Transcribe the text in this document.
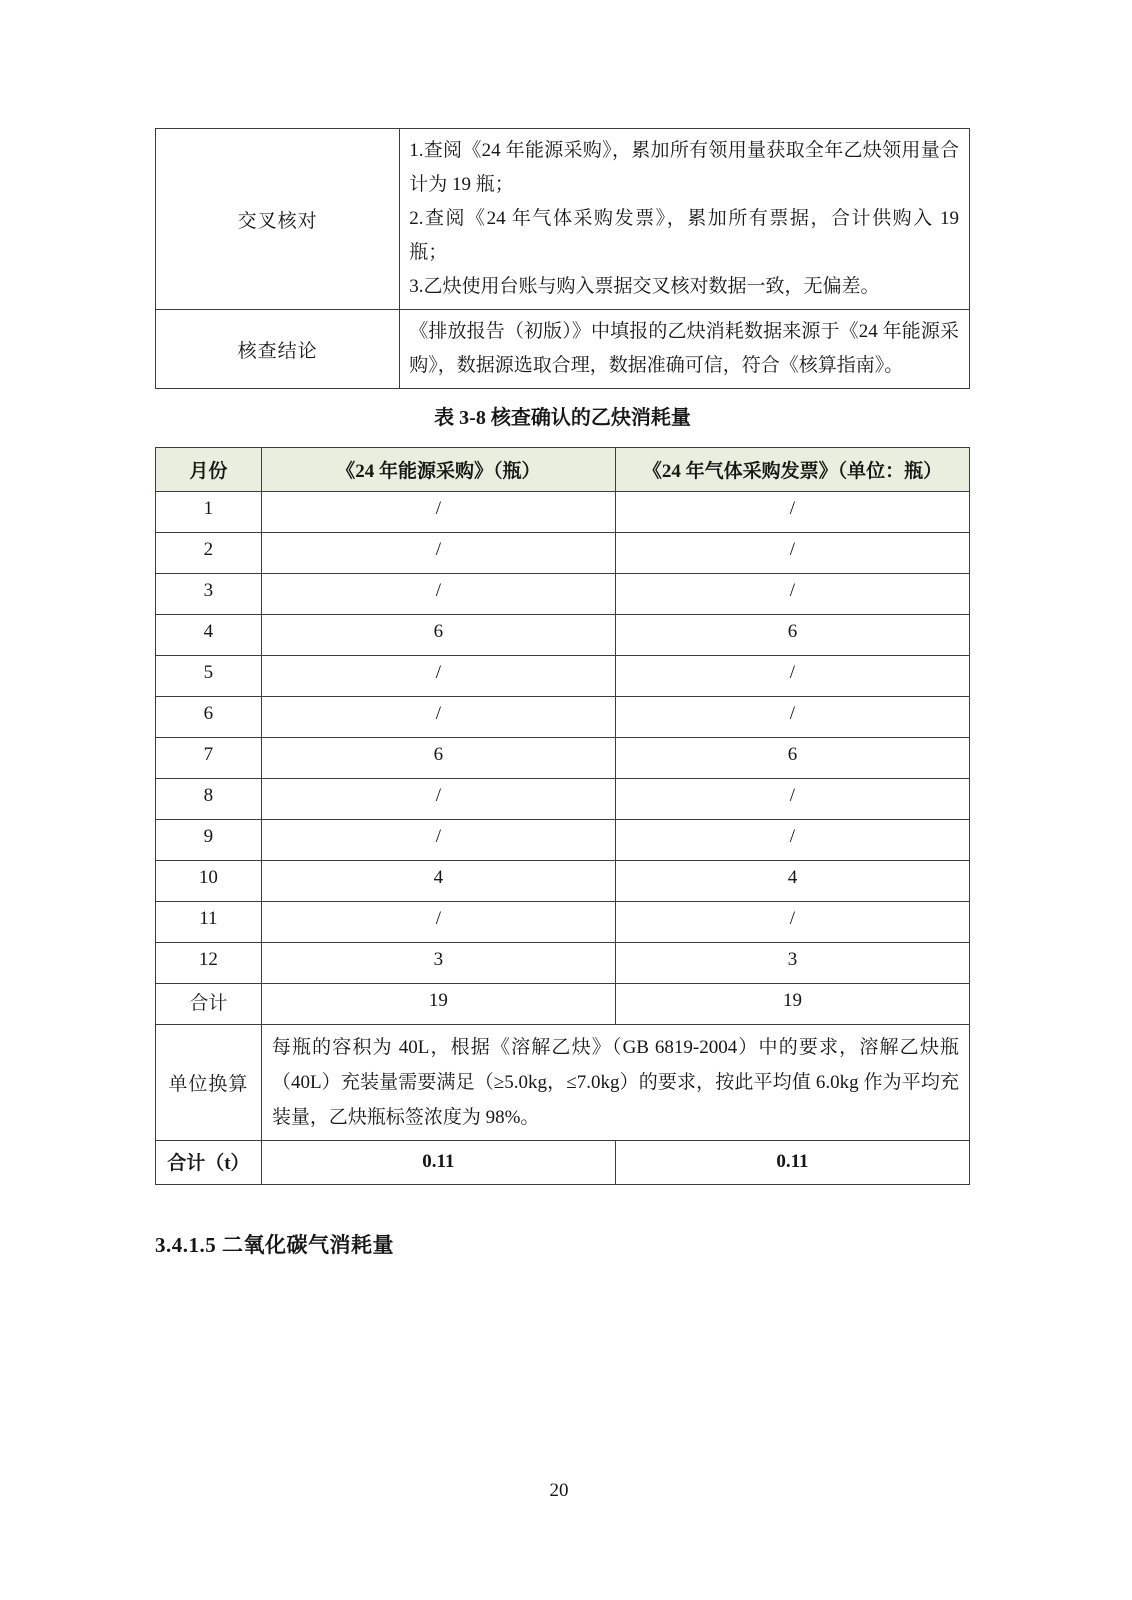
交叉核对	1.查阅《24 年能源采购》，累加所有领用量获取全年乙炔领用量合计为 19 瓶；
2.查阅《24 年气体采购发票》，累加所有票据，合计供购入 19 瓶；
3.乙炔使用台账与购入票据交叉核对数据一致，无偏差。

核查结论	《排放报告（初版）》中填报的乙炔消耗数据来源于《24 年能源采购》，数据源选取合理，数据准确可信，符合《核算指南》。
表 3-8 核查确认的乙炔消耗量
月份	《24 年能源采购》（瓶）	《24 年气体采购发票》（单位：瓶）
1	/	/
2	/	/
3	/	/
4	6	6
5	/	/
6	/	/
7	6	6
8	/	/
9	/	/
10	4	4
11	/	/
12	3	3
合计	19	19
单位换算	每瓶的容积为 40L，根据《溶解乙炔》（GB 6819-2004）中的要求，溶解乙炔瓶（40L）充装量需要满足（≥5.0kg，≤7.0kg）的要求，按此平均值 6.0kg 作为平均充装量，乙炔瓶标签浓度为 98%。	
合计（t）	0.11	0.11
3.4.1.5 二氧化碳气消耗量
20
